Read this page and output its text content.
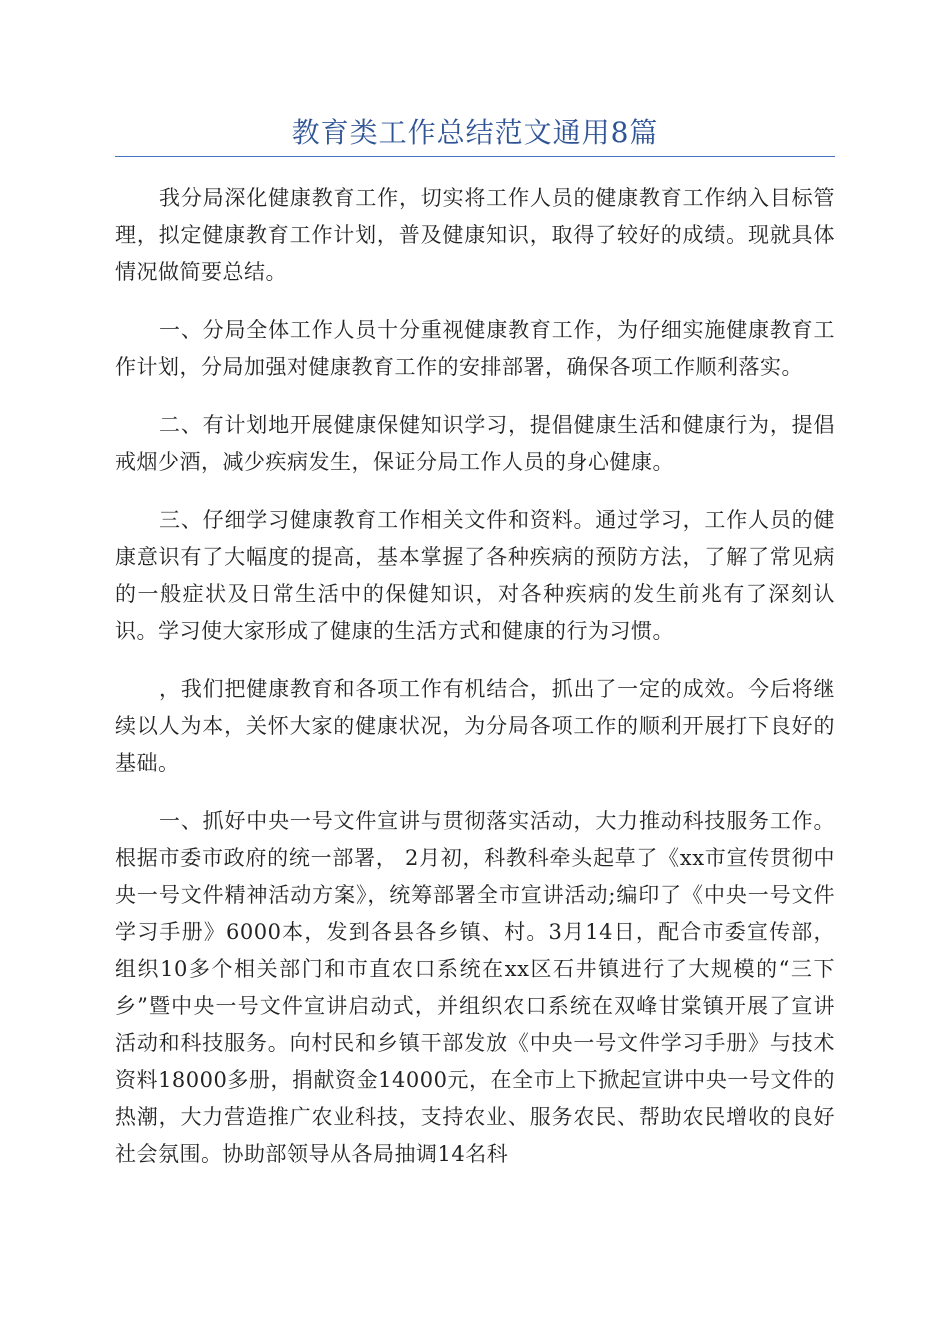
教育类工作总结范文通用8篇

我分局深化健康教育工作，切实将工作人员的健康教育工作纳入目标管理，拟定健康教育工作计划，普及健康知识，取得了较好的成绩。现就具体情况做简要总结。

一、分局全体工作人员十分重视健康教育工作，为仔细实施健康教育工作计划，分局加强对健康教育工作的安排部署，确保各项工作顺利落实。

二、有计划地开展健康保健知识学习，提倡健康生活和健康行为，提倡戒烟少酒，减少疾病发生，保证分局工作人员的身心健康。

三、仔细学习健康教育工作相关文件和资料。通过学习，工作人员的健康意识有了大幅度的提高，基本掌握了各种疾病的预防方法，了解了常见病的一般症状及日常生活中的保健知识，对各种疾病的发生前兆有了深刻认识。学习使大家形成了健康的生活方式和健康的行为习惯。

，我们把健康教育和各项工作有机结合，抓出了一定的成效。今后将继续以人为本，关怀大家的健康状况，为分局各项工作的顺利开展打下良好的基础。

一、抓好中央一号文件宣讲与贯彻落实活动，大力推动科技服务工作。根据市委市政府的统一部署， 2月初，科教科牵头起草了《xx市宣传贯彻中央一号文件精神活动方案》，统筹部署全市宣讲活动;编印了《中央一号文件学习手册》6000本，发到各县各乡镇、村。3月14日，配合市委宣传部，组织10多个相关部门和市直农口系统在xx区石井镇进行了大规模的“三下乡”暨中央一号文件宣讲启动式，并组织农口系统在双峰甘棠镇开展了宣讲活动和科技服务。向村民和乡镇干部发放《中央一号文件学习手册》与技术资料18000多册，捐献资金14000元，在全市上下掀起宣讲中央一号文件的热潮，大力营造推广农业科技，支持农业、服务农民、帮助农民增收的良好社会氛围。协助部领导从各局抽调14名科
